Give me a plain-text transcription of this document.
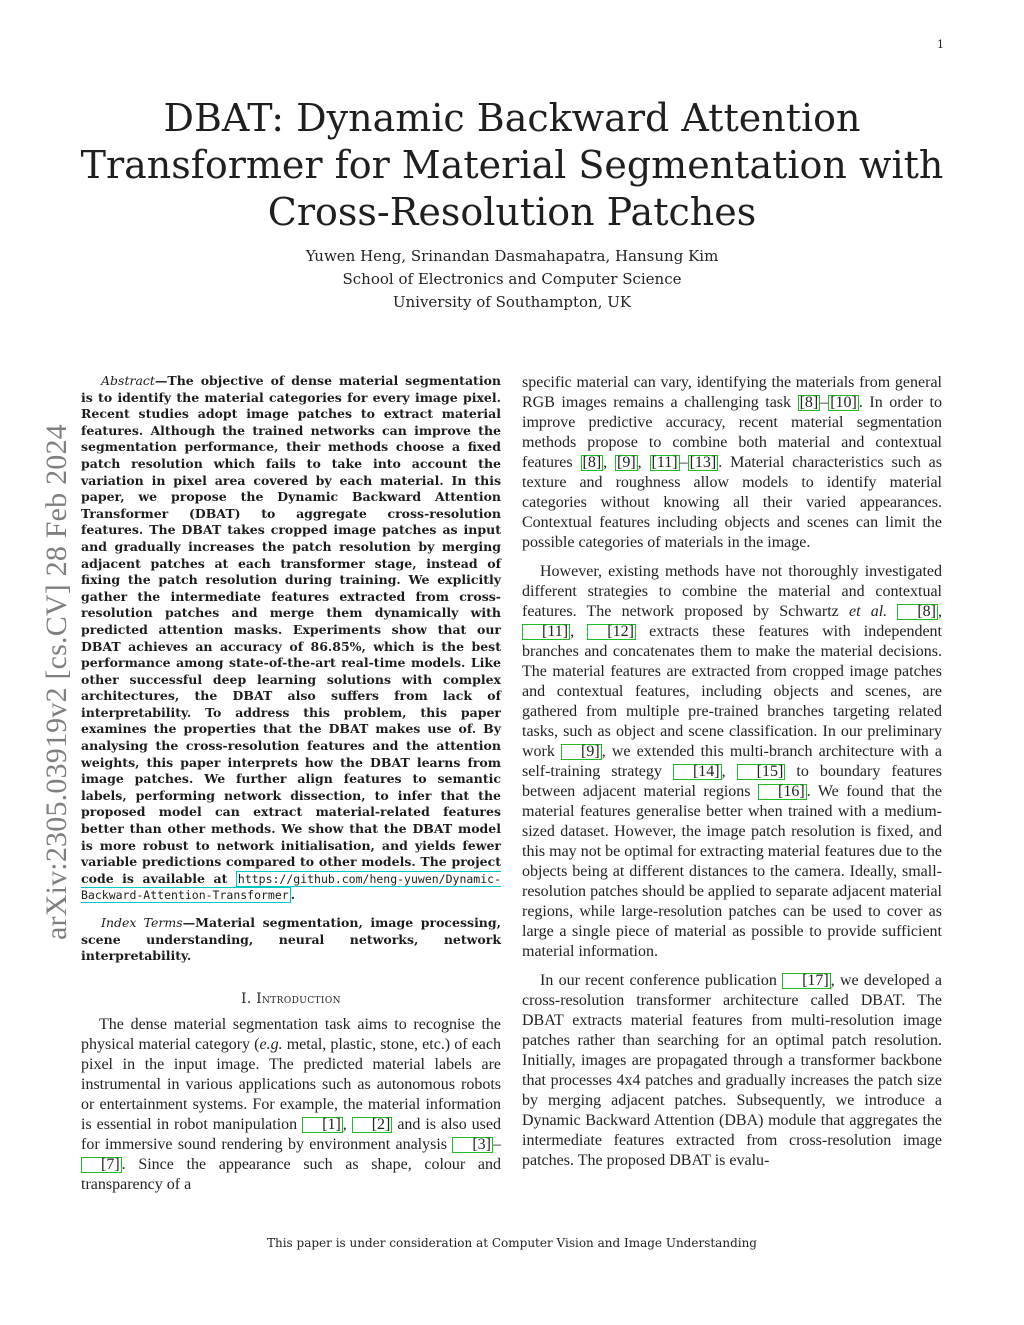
1
DBAT: Dynamic Backward Attention Transformer for Material Segmentation with Cross-Resolution Patches
Yuwen Heng, Srinandan Dasmahapatra, Hansung Kim
School of Electronics and Computer Science
University of Southampton, UK
arXiv:2305.03919v2 [cs.CV] 28 Feb 2024

Abstract—The objective of dense material segmentation is to identify the material categories for every image pixel. Recent studies adopt image patches to extract material features. Although the trained networks can improve the segmentation performance, their methods choose a fixed patch resolution which fails to take into account the variation in pixel area covered by each material. In this paper, we propose the Dynamic Backward Attention Transformer (DBAT) to aggregate cross-resolution features. The DBAT takes cropped image patches as input and gradually increases the patch resolution by merging adjacent patches at each transformer stage, instead of fixing the patch resolution during training. We explicitly gather the intermediate features extracted from cross-resolution patches and merge them dynamically with predicted attention masks. Experiments show that our DBAT achieves an accuracy of 86.85%, which is the best performance among state-of-the-art real-time models. Like other successful deep learning solutions with complex architectures, the DBAT also suffers from lack of interpretability. To address this problem, this paper examines the properties that the DBAT makes use of. By analysing the cross-resolution features and the attention weights, this paper interprets how the DBAT learns from image patches. We further align features to semantic labels, performing network dissection, to infer that the proposed model can extract material-related features better than other methods. We show that the DBAT model is more robust to network initialisation, and yields fewer variable predictions compared to other models. The project code is available at https://github.com/heng-yuwen/Dynamic-Backward-Attention-Transformer .

Index Terms—Material segmentation, image processing, scene understanding, neural networks, network interpretability.

I. Introduction

The dense material segmentation task aims to recognise the physical material category (e.g. metal, plastic, stone, etc.) of each pixel in the input image. The predicted material labels are instrumental in various applications such as autonomous robots or entertainment systems. For example, the material information is essential in robot manipulation [1] , [2] and is also used for immersive sound rendering by environment analysis [3] –[7] . Since the appearance such as shape, colour and transparency of a

specific material can vary, identifying the materials from general RGB images remains a challenging task [8] – [10] . In order to improve predictive accuracy, recent material segmentation methods propose to combine both material and contextual features [8] , [9] , [11] – [13] . Material characteristics such as texture and roughness allow models to identify material categories without knowing all their varied appearances. Contextual features including objects and scenes can limit the possible categories of materials in the image.

However, existing methods have not thoroughly investigated different strategies to combine the material and contextual features. The network proposed by Schwartz et al. [8] , [11] , [12] extracts these features with independent branches and concatenates them to make the material decisions. The material features are extracted from cropped image patches and contextual features, including objects and scenes, are gathered from multiple pre-trained branches targeting related tasks, such as object and scene classification. In our preliminary work [9] , we extended this multi-branch architecture with a self-training strategy [14] , [15] to boundary features between adjacent material regions [16] . We found that the material features generalise better when trained with a medium-sized dataset. However, the image patch resolution is fixed, and this may not be optimal for extracting material features due to the objects being at different distances to the camera. Ideally, small-resolution patches should be applied to separate adjacent material regions, while large-resolution patches can be used to cover as large a single piece of material as possible to provide sufficient material information.

In our recent conference publication [17] , we developed a cross-resolution transformer architecture called DBAT. The DBAT extracts material features from multi-resolution image patches rather than searching for an optimal patch resolution. Initially, images are propagated through a transformer backbone that processes 4x4 patches and gradually increases the patch size by merging adjacent patches. Subsequently, we introduce a Dynamic Backward Attention (DBA) module that aggregates the intermediate features extracted from cross-resolution image patches. The proposed DBAT is evalu-

This paper is under consideration at Computer Vision and Image Understanding
